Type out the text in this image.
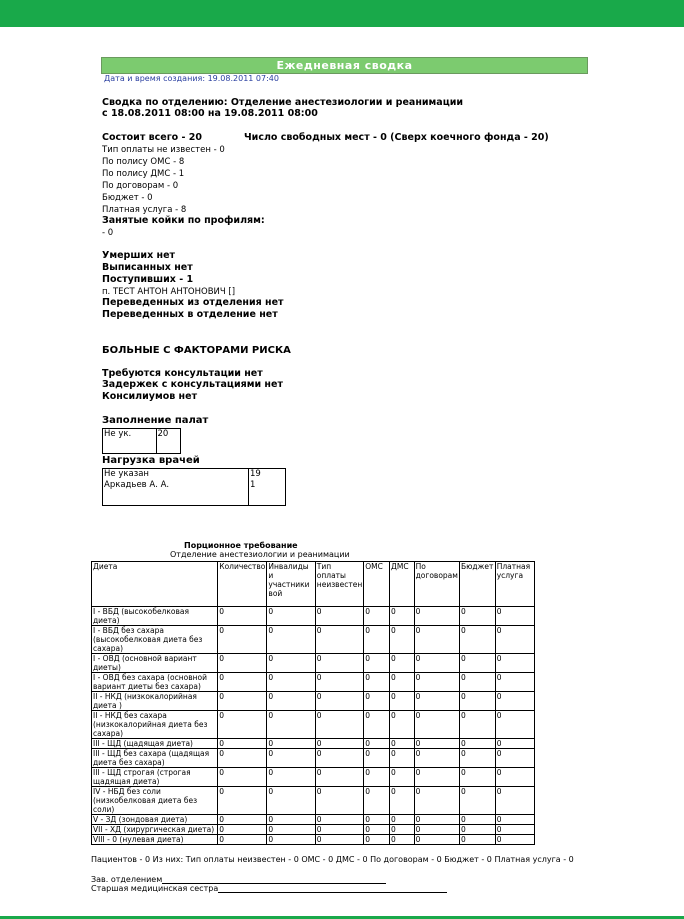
Ежедневная сводка
Дата и время создания: 19.08.2011 07:40
Сводка по отделению: Отделение анестезиологии и реанимации
с 18.08.2011 08:00 на 19.08.2011 08:00
Состоит всего - 20	Число свободных мест - 0 (Сверх коечного фонда - 20)
Тип оплаты не известен - 0
По полису ОМС - 8
По полису ДМС - 1
По договорам - 0
Бюджет - 0
Платная услуга - 8
Занятые койки по профилям:
- 0
Умерших нет
Выписанных нет
Поступивших - 1
п. ТЕСТ АНТОН АНТОНОВИЧ []
Переведенных из отделения нет
Переведенных в отделение нет
БОЛЬНЫЕ С ФАКТОРАМИ РИСКА
Требуются консультации нет
Задержек с консультациями нет
Консилиумов нет
Заполнение палат
Не ук.	20
Нагрузка врачей
Не указан	19
Аркадьев А. А.	1
Порционное требование
Отделение анестезиологии и реанимации
Диета	Количество	Инвалиды и участники вой	Тип оплаты неизвестен	ОМС	ДМС	По договорам	Бюджет	Платная услуга
I - ВБД (высокобелковая диета)	0	0	0	0	0	0	0	0
I - ВБД без сахара (высокобелковая диета без сахара)	0	0	0	0	0	0	0	0
I - ОВД (основной вариант диеты)	0	0	0	0	0	0	0	0
I - ОВД без сахара (основной вариант диеты без сахара)	0	0	0	0	0	0	0	0
II - НКД (низкокалорийная диета )	0	0	0	0	0	0	0	0
II - НКД без сахара (низкокалорийная диета без сахара)	0	0	0	0	0	0	0	0
III - ЩД (щадящая диета)	0	0	0	0	0	0	0	0
III - ЩД без сахара (щадящая диета без сахара)	0	0	0	0	0	0	0	0
III - ЩД строгая (строгая щадящая диета)	0	0	0	0	0	0	0	0
IV - НБД без соли (низкобелковая диета без соли)	0	0	0	0	0	0	0	0
V - ЗД (зондовая диета)	0	0	0	0	0	0	0	0
VII - ХД (хирургическая диета)	0	0	0	0	0	0	0	0
VIII - 0 (нулевая диета)	0	0	0	0	0	0	0	0
Пациентов - 0 Из них: Тип оплаты неизвестен - 0 ОМС - 0 ДМС - 0 По договорам - 0 Бюджет - 0 Платная услуга - 0
Зав. отделением
Старшая медицинская сестра
